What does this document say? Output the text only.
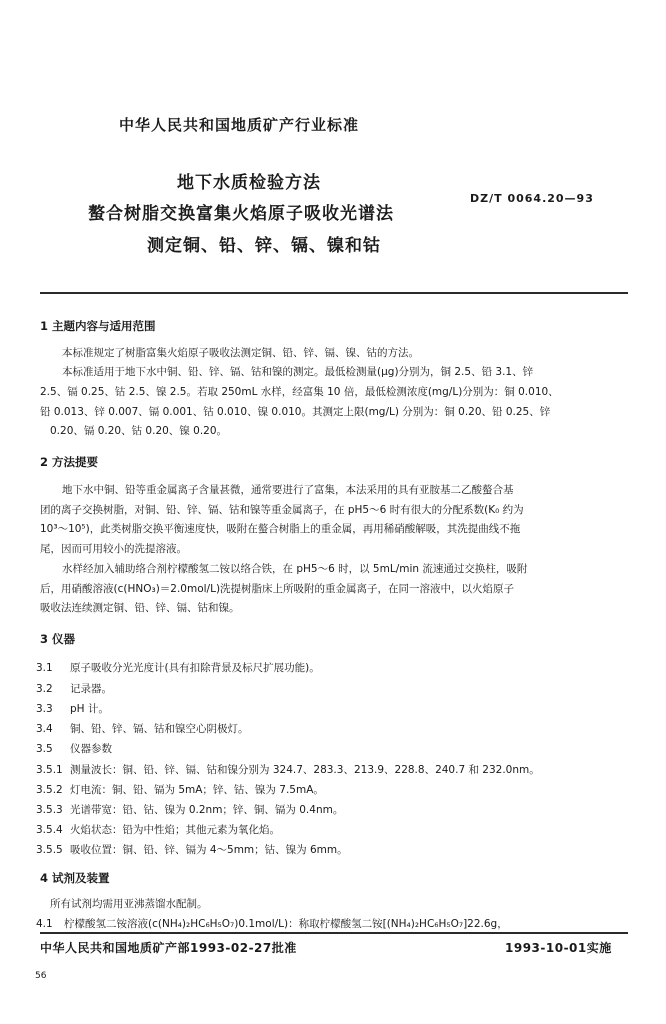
中华人民共和国地质矿产行业标准
地下水质检验方法
螯合树脂交换富集火焰原子吸收光谱法
测定铜、铅、锌、镉、镍和钴
DZ/T 0064.20—93
1 主题内容与适用范围
本标准规定了树脂富集火焰原子吸收法测定铜、铅、锌、镉、镍、钴的方法。
本标准适用于地下水中铜、铅、锌、镉、钴和镍的测定。最低检测量(μg)分别为，铜 2.5、铅 3.1、锌
2.5、镉 0.25、钴 2.5、镍 2.5。若取 250mL 水样，经富集 10 倍，最低检测浓度(mg/L)分别为：铜 0.010、
铅 0.013、锌 0.007、镉 0.001、钴 0.010、镍 0.010。其测定上限(mg/L) 分别为：铜 0.20、铅 0.25、锌
0.20、镉 0.20、钴 0.20、镍 0.20。
2 方法提要
地下水中铜、铅等重金属离子含量甚微，通常要进行了富集，本法采用的具有亚胺基二乙酸螯合基
团的离子交换树脂，对铜、铅、锌、镉、钴和镍等重金属离子，在 pH5～6 时有很大的分配系数(K₀ 约为
10³～10⁵)，此类树脂交换平衡速度快，吸附在螯合树脂上的重金属，再用稀硝酸解吸，其洗提曲线不拖
尾，因而可用较小的洗提溶液。
水样经加入辅助络合剂柠檬酸氢二铵以络合铁，在 pH5～6 时，以 5mL/min 流速通过交换柱，吸附
后，用硝酸溶液(c(HNO₃)＝2.0mol/L)洗提树脂床上所吸附的重金属离子，在同一溶液中，以火焰原子
吸收法连续测定铜、铅、锌、镉、钴和镍。
3 仪器
3.1 原子吸收分光光度计(具有扣除背景及标尺扩展功能)。
3.2 记录器。
3.3 pH 计。
3.4 铜、铅、锌、镉、钴和镍空心阴极灯。
3.5 仪器参数
3.5.1 测量波长：铜、铅、锌、镉、钴和镍分别为 324.7、283.3、213.9、228.8、240.7 和 232.0nm。
3.5.2 灯电流：铜、铅、镉为 5mA；锌、钴、镍为 7.5mA。
3.5.3 光谱带宽：铅、钴、镍为 0.2nm；锌、铜、镉为 0.4nm。
3.5.4 火焰状态：铅为中性焰；其他元素为氧化焰。
3.5.5 吸收位置：铜、铅、锌、镉为 4～5mm；钴、镍为 6mm。
4 试剂及装置
所有试剂均需用亚沸蒸馏水配制。
4.1 柠檬酸氢二铵溶液(c(NH₄)₂HC₆H₅O₇)0.1mol/L)：称取柠檬酸氢二铵[(NH₄)₂HC₆H₅O₇]22.6g，
中华人民共和国地质矿产部1993-02-27批准	1993-10-01实施
56
